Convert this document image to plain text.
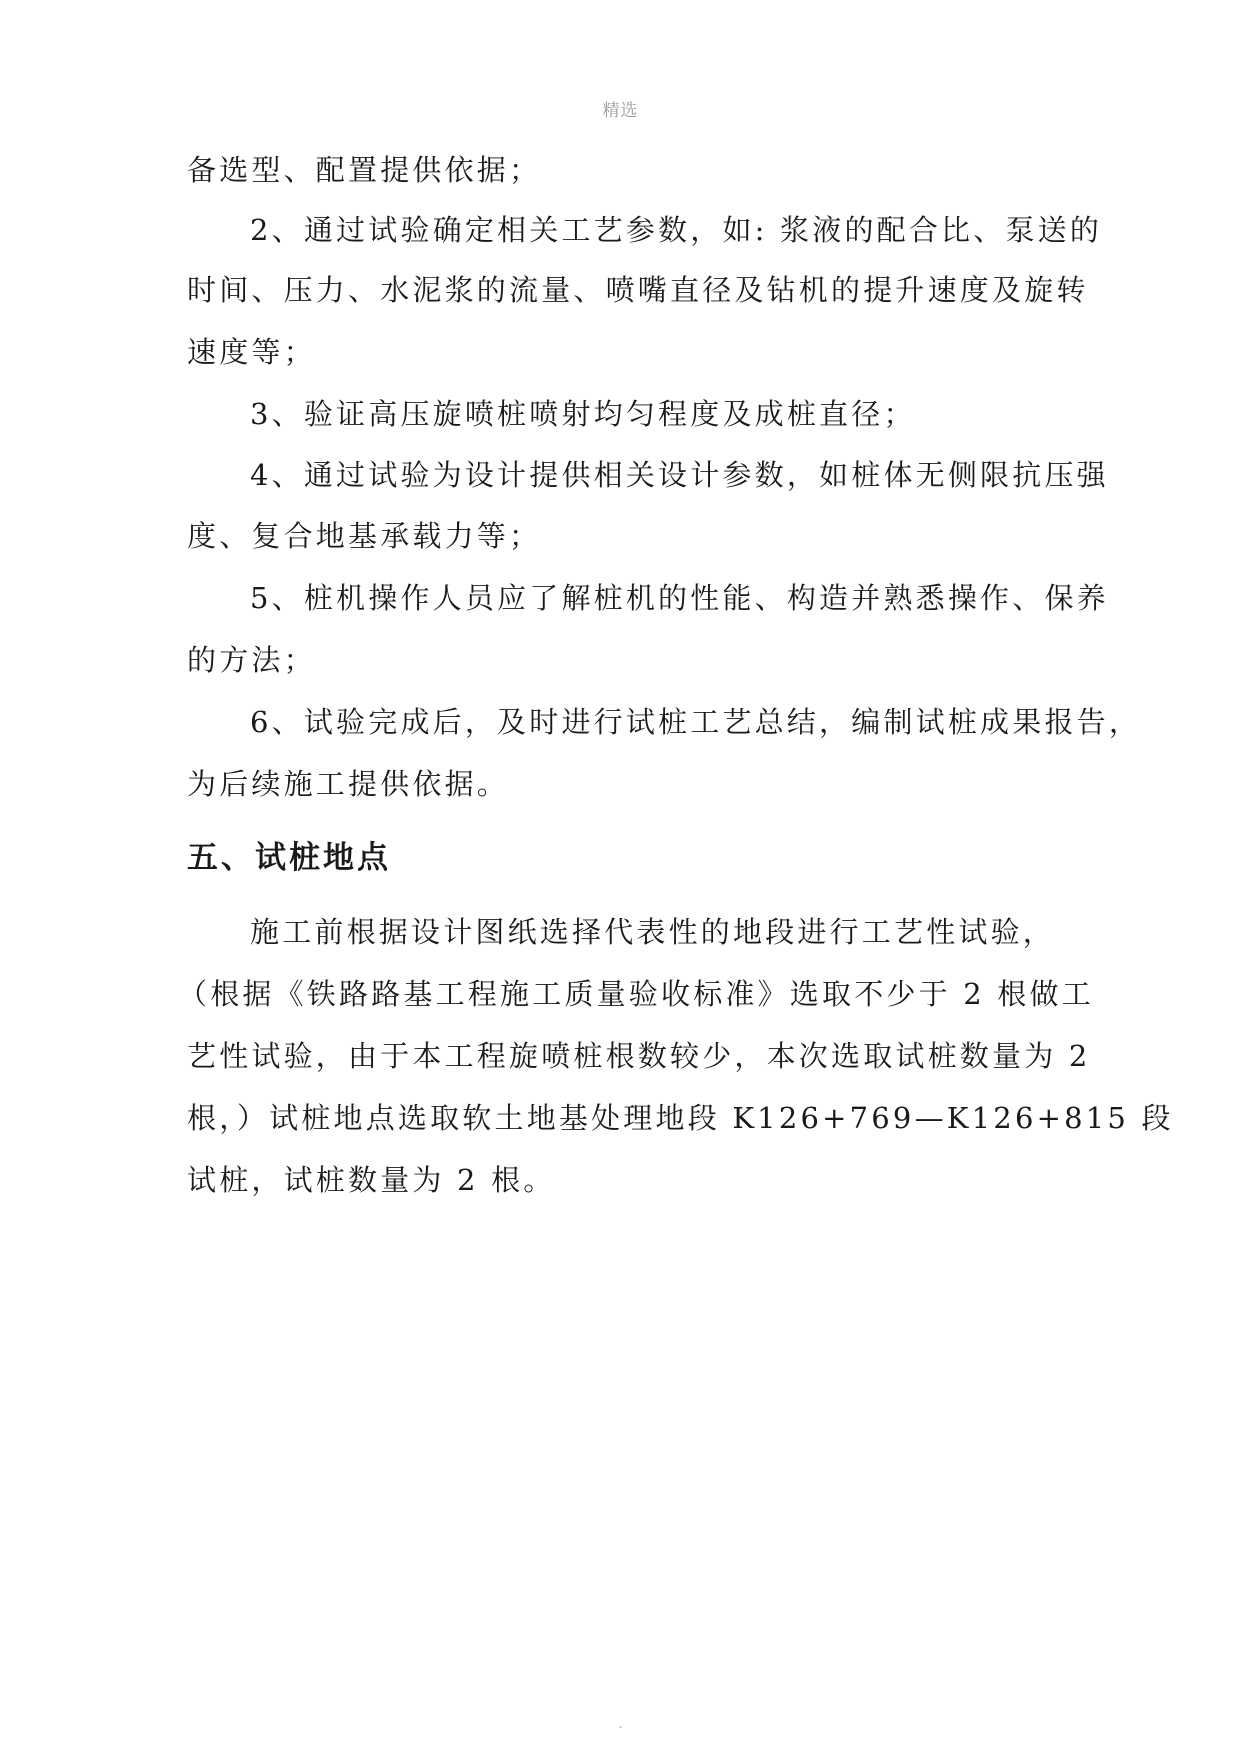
精选
备选型、配置提供依据；
2、通过试验确定相关工艺参数，如: 浆液的配合比、泵送的
时间、压力、水泥浆的流量、喷嘴直径及钻机的提升速度及旋转
速度等；
3、验证高压旋喷桩喷射均匀程度及成桩直径；
4、通过试验为设计提供相关设计参数，如桩体无侧限抗压强
度、复合地基承载力等；
5、桩机操作人员应了解桩机的性能、构造并熟悉操作、保养
的方法；
6、试验完成后，及时进行试桩工艺总结，编制试桩成果报告，
为后续施工提供依据。
五、试桩地点
施工前根据设计图纸选择代表性的地段进行工艺性试验，
（根据《铁路路基工程施工质量验收标准》选取不少于 2 根做工
艺性试验，由于本工程旋喷桩根数较少，本次选取试桩数量为 2
根，）试桩地点选取软土地基处理地段 K126+769—K126+815 段
试桩，试桩数量为 2 根。
.
